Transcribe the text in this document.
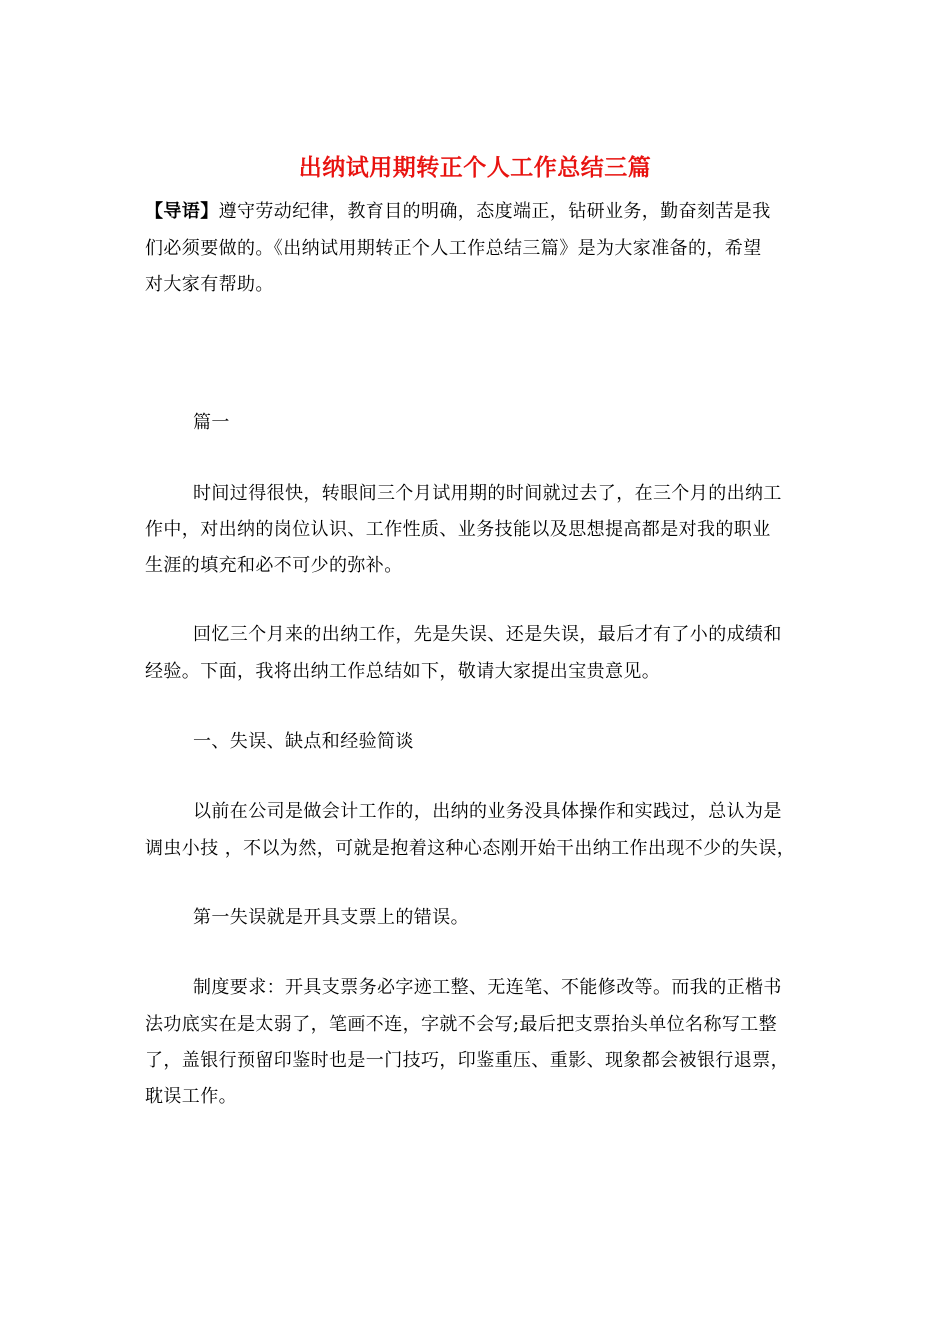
出纳试用期转正个人工作总结三篇
【导语】遵守劳动纪律，教育目的明确，态度端正，钻研业务，勤奋刻苦是我
们必须要做的。《出纳试用期转正个人工作总结三篇》是为大家准备的，希望
对大家有帮助。
篇一
时间过得很快，转眼间三个月试用期的时间就过去了，在三个月的出纳工
作中，对出纳的岗位认识、工作性质、业务技能以及思想提高都是对我的职业
生涯的填充和必不可少的弥补。
回忆三个月来的出纳工作，先是失误、还是失误，最后才有了小的成绩和
经验。下面，我将出纳工作总结如下，敬请大家提出宝贵意见。
一、失误、缺点和经验简谈
以前在公司是做会计工作的，出纳的业务没具体操作和实践过，总认为是
调虫小技 ，不以为然，可就是抱着这种心态刚开始干出纳工作出现不少的失误，
第一失误就是开具支票上的错误。
制度要求：开具支票务必字迹工整、无连笔、不能修改等。而我的正楷书
法功底实在是太弱了，笔画不连，字就不会写;最后把支票抬头单位名称写工整
了，盖银行预留印鉴时也是一门技巧，印鉴重压、重影、现象都会被银行退票，
耽误工作。
